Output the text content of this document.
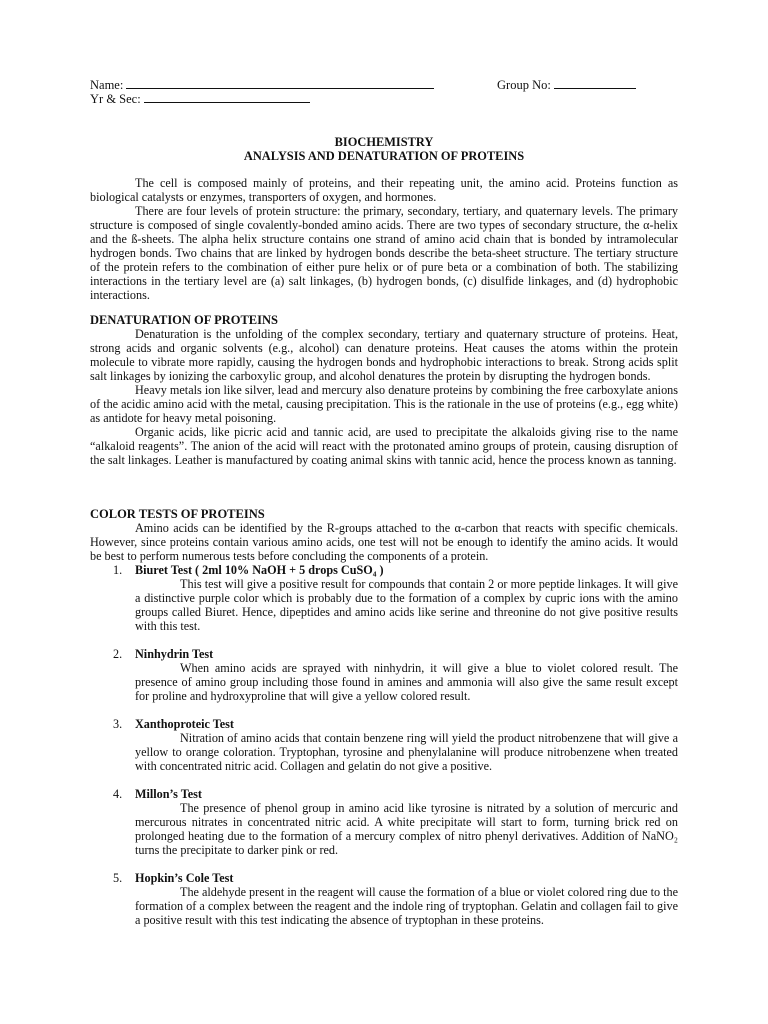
Name:	Group No:
Yr & Sec:
BIOCHEMISTRY
ANALYSIS AND DENATURATION OF PROTEINS

The cell is composed mainly of proteins, and their repeating unit, the amino acid. Proteins function as biological catalysts or enzymes, transporters of oxygen, and hormones.

There are four levels of protein structure: the primary, secondary, tertiary, and quaternary levels. The primary structure is composed of single covalently-bonded amino acids. There are two types of secondary structure, the α-helix and the ß-sheets. The alpha helix structure contains one strand of amino acid chain that is bonded by intramolecular hydrogen bonds. Two chains that are linked by hydrogen bonds describe the beta-sheet structure. The tertiary structure of the protein refers to the combination of either pure helix or of pure beta or a combination of both. The stabilizing interactions in the tertiary level are (a) salt linkages, (b) hydrogen bonds, (c) disulfide linkages, and (d) hydrophobic interactions.

DENATURATION OF PROTEINS

Denaturation is the unfolding of the complex secondary, tertiary and quaternary structure of proteins. Heat, strong acids and organic solvents (e.g., alcohol) can denature proteins. Heat causes the atoms within the protein molecule to vibrate more rapidly, causing the hydrogen bonds and hydrophobic interactions to break. Strong acids split salt linkages by ionizing the carboxylic group, and alcohol denatures the protein by disrupting the hydrogen bonds.

Heavy metals ion like silver, lead and mercury also denature proteins by combining the free carboxylate anions of the acidic amino acid with the metal, causing precipitation. This is the rationale in the use of proteins (e.g., egg white) as antidote for heavy metal poisoning.

Organic acids, like picric acid and tannic acid, are used to precipitate the alkaloids giving rise to the name “alkaloid reagents”. The anion of the acid will react with the protonated amino groups of protein, causing disruption of the salt linkages. Leather is manufactured by coating animal skins with tannic acid, hence the process known as tanning.

COLOR TESTS OF PROTEINS

Amino acids can be identified by the R-groups attached to the α-carbon that reacts with specific chemicals. However, since proteins contain various amino acids, one test will not be enough to identify the amino acids. It would be best to perform numerous tests before concluding the components of a protein.

1. Biuret Test ( 2ml 10% NaOH + 5 drops CuSO₄ )

This test will give a positive result for compounds that contain 2 or more peptide linkages. It will give a distinctive purple color which is probably due to the formation of a complex by cupric ions with the amino groups called Biuret. Hence, dipeptides and amino acids like serine and threonine do not give positive results with this test.

2. Ninhydrin Test

When amino acids are sprayed with ninhydrin, it will give a blue to violet colored result. The presence of amino group including those found in amines and ammonia will also give the same result except for proline and hydroxyproline that will give a yellow colored result.

3. Xanthoproteic Test

Nitration of amino acids that contain benzene ring will yield the product nitrobenzene that will give a yellow to orange coloration. Tryptophan, tyrosine and phenylalanine will produce nitrobenzene when treated with concentrated nitric acid. Collagen and gelatin do not give a positive.

4. Millon’s Test

The presence of phenol group in amino acid like tyrosine is nitrated by a solution of mercuric and mercurous nitrates in concentrated nitric acid. A white precipitate will start to form, turning brick red on prolonged heating due to the formation of a mercury complex of nitro phenyl derivatives. Addition of NaNO₂ turns the precipitate to darker pink or red.

5. Hopkin’s Cole Test

The aldehyde present in the reagent will cause the formation of a blue or violet colored ring due to the formation of a complex between the reagent and the indole ring of tryptophan. Gelatin and collagen fail to give a positive result with this test indicating the absence of tryptophan in these proteins.
